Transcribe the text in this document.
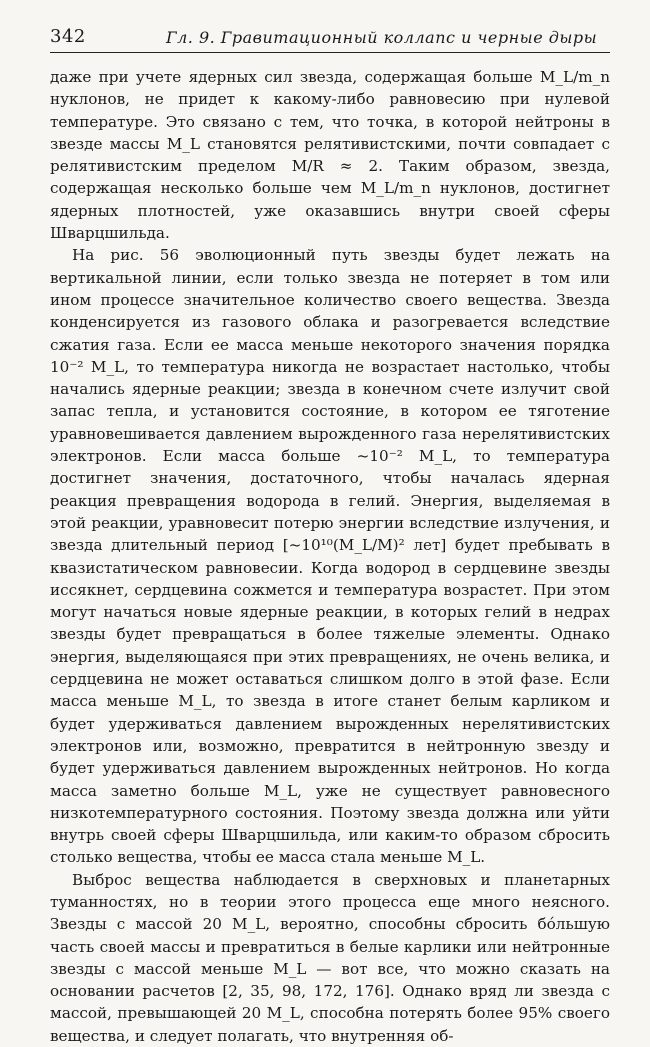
342	Гл. 9. Гравитационный коллапс и черные дыры

даже при учете ядерных сил звезда, содержащая больше M_L/m_n нуклонов, не придет к какому-либо равновесию при нулевой температуре. Это связано с тем, что точка, в которой нейтроны в звезде массы M_L становятся релятивистскими, почти совпадает с релятивистским пределом M/R ≈ 2. Таким образом, звезда, содержащая несколько больше чем M_L/m_n нуклонов, достигнет ядерных плотностей, уже оказавшись внутри своей сферы Шварцшильда.

На рис. 56 эволюционный путь звезды будет лежать на вертикальной линии, если только звезда не потеряет в том или ином процессе значительное количество своего вещества. Звезда конденсируется из газового облака и разогревается вследствие сжатия газа. Если ее масса меньше некоторого значения порядка 10⁻² M_L, то температура никогда не возрастает настолько, чтобы начались ядерные реакции; звезда в конечном счете излучит свой запас тепла, и установится состояние, в котором ее тяготение уравновешивается давлением вырожденного газа нерелятивистских электронов. Если масса больше ~10⁻² M_L, то температура достигнет значения, достаточного, чтобы началась ядерная реакция превращения водорода в гелий. Энергия, выделяемая в этой реакции, уравновесит потерю энергии вследствие излучения, и звезда длительный период [~10¹⁰(M_L/M)² лет] будет пребывать в квазистатическом равновесии. Когда водород в сердцевине звезды иссякнет, сердцевина сожмется и температура возрастет. При этом могут начаться новые ядерные реакции, в которых гелий в недрах звезды будет превращаться в более тяжелые элементы. Однако энергия, выделяющаяся при этих превращениях, не очень велика, и сердцевина не может оставаться слишком долго в этой фазе. Если масса меньше M_L, то звезда в итоге станет белым карликом и будет удерживаться давлением вырожденных нерелятивистских электронов или, возможно, превратится в нейтронную звезду и будет удерживаться давлением вырожденных нейтронов. Но когда масса заметно больше M_L, уже не существует равновесного низкотемпературного состояния. Поэтому звезда должна или уйти внутрь своей сферы Шварцшильда, или каким-то образом сбросить столько вещества, чтобы ее масса стала меньше M_L.

Выброс вещества наблюдается в сверхновых и планетарных туманностях, но в теории этого процесса еще много неясного. Звезды с массой 20 M_L, вероятно, способны сбросить бо́льшую часть своей массы и превратиться в белые карлики или нейтронные звезды с массой меньше M_L — вот все, что можно сказать на основании расчетов [2, 35, 98, 172, 176]. Однако вряд ли звезда с массой, превышающей 20 M_L, способна потерять более 95% своего вещества, и следует полагать, что внутренняя об-
